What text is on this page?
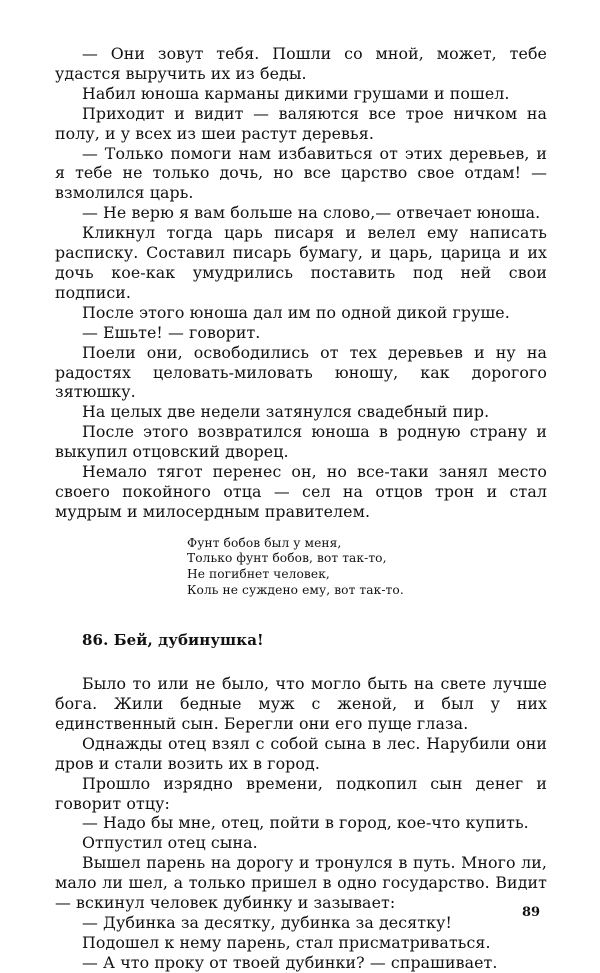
— Они зовут тебя. Пошли со мной, может, тебе удастся выручить их из беды.

Набил юноша карманы дикими грушами и пошел.

Приходит и видит — валяются все трое ничком на полу, и у всех из шеи растут деревья.

— Только помоги нам избавиться от этих деревьев, и я тебе не только дочь, но все царство свое отдам! — взмолился царь.

— Не верю я вам больше на слово,— отвечает юноша.

Кликнул тогда царь писаря и велел ему написать расписку. Составил писарь бумагу, и царь, царица и их дочь кое-как умудрились поставить под ней свои подписи.

После этого юноша дал им по одной дикой груше.

— Ешьте! — говорит.

Поели они, освободились от тех деревьев и ну на радостях целовать-миловать юношу, как дорогого зятюшку.

На целых две недели затянулся свадебный пир.

После этого возвратился юноша в родную страну и выкупил отцовский дворец.

Немало тягот перенес он, но все-таки занял место своего покойного отца — сел на отцов трон и стал мудрым и милосердным правителем.

Фунт бобов был у меня,
Только фунт бобов, вот так-то,
Не погибнет человек,
Коль не суждено ему, вот так-то.
86. Бей, дубинушка!

Было то или не было, что могло быть на свете лучше бога. Жили бедные муж с женой, и был у них единственный сын. Берегли они его пуще глаза.

Однажды отец взял с собой сына в лес. Нарубили они дров и стали возить их в город.

Прошло изрядно времени, подкопил сын денег и говорит отцу:

— Надо бы мне, отец, пойти в город, кое-что купить.

Отпустил отец сына.

Вышел парень на дорогу и тронулся в путь. Много ли, мало ли шел, а только пришел в одно государство. Видит — вскинул человек дубинку и зазывает:

— Дубинка за десятку, дубинка за десятку!

Подошел к нему парень, стал присматриваться.

— А что проку от твоей дубинки? — спрашивает.

89
